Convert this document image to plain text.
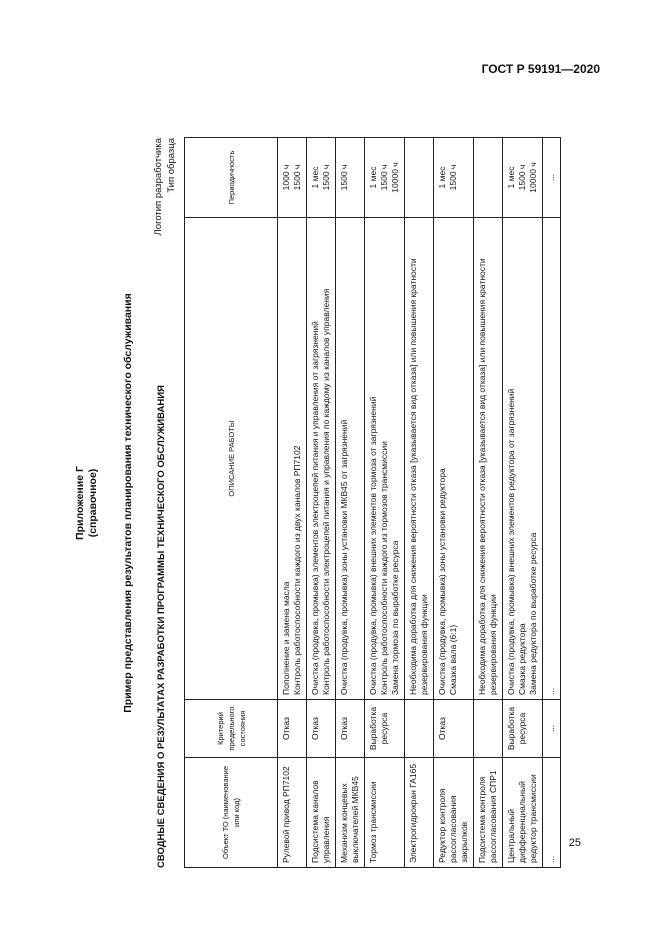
ГОСТ Р 59191—2020
Приложение Г (справочное) Пример представления результатов планирования технического обслуживания СВОДНЫЕ СВЕДЕНИЯ О РЕЗУЛЬТАТАХ РАЗРАБОТКИ ПРОГРАММЫ ТЕХНИЧЕСКОГО ОБСЛУЖИВАНИЯ
Логотип разработчика Тип образца
Объект ТО (наименование или код)	Критерий предельного состояния	ОПИСАНИЕ РАБОТЫ	Периодичность
Рулевой привод РП7102	Отказ	Пополнение и замена масла Контроль работоспособности каждого из двух каналов РП7102	1000 ч 1500 ч

Подсистема каналов управления	Отказ	Очистка (продувка, промывка) элементов электроцепей питания и управления от загрязнений Контроль работоспособности электроцепей питания и управления по каждому из каналов управления	1 мес 1500 ч

Механизм концевых выключателей МКВ45	Отказ	Очистка (продувка, промывка) зоны установки МКВ45 от загрязнений	1500 ч

Тормоз трансмиссии	Выработка ресурса	Очистка (продувка, промывка) внешних элементов тормоза от загрязнений Контроль работоспособности каждого из тормозов трансмиссии Замена тормоза по выработке ресурса	1 мес 1500 ч 10000 ч

Электрогидрокран ГА165		Необходима доработка для снижения вероятности отказа [указывается вид отказа] или повышения кратности резервирования функции	

Редуктор контроля рассогласования закрылков	Отказ	Очистка (продувка, промывка) зоны установки редуктора Смазка вала (6:1)	1 мес 1500 ч

Подсистема контроля рассогласования СПР1		Необходима доработка для снижения вероятности отказа [указывается вид отказа] или повышения кратности резервирования функции	

Центральный дифференциальный редуктор трансмиссии	Выработка ресурса	Очистка (продувка, промывка) внешних элементов редуктора от загрязнений Смазка редуктора Замена редуктора по выработке ресурса	1 мес 1500 ч 10000 ч

...	...	...	...
25
